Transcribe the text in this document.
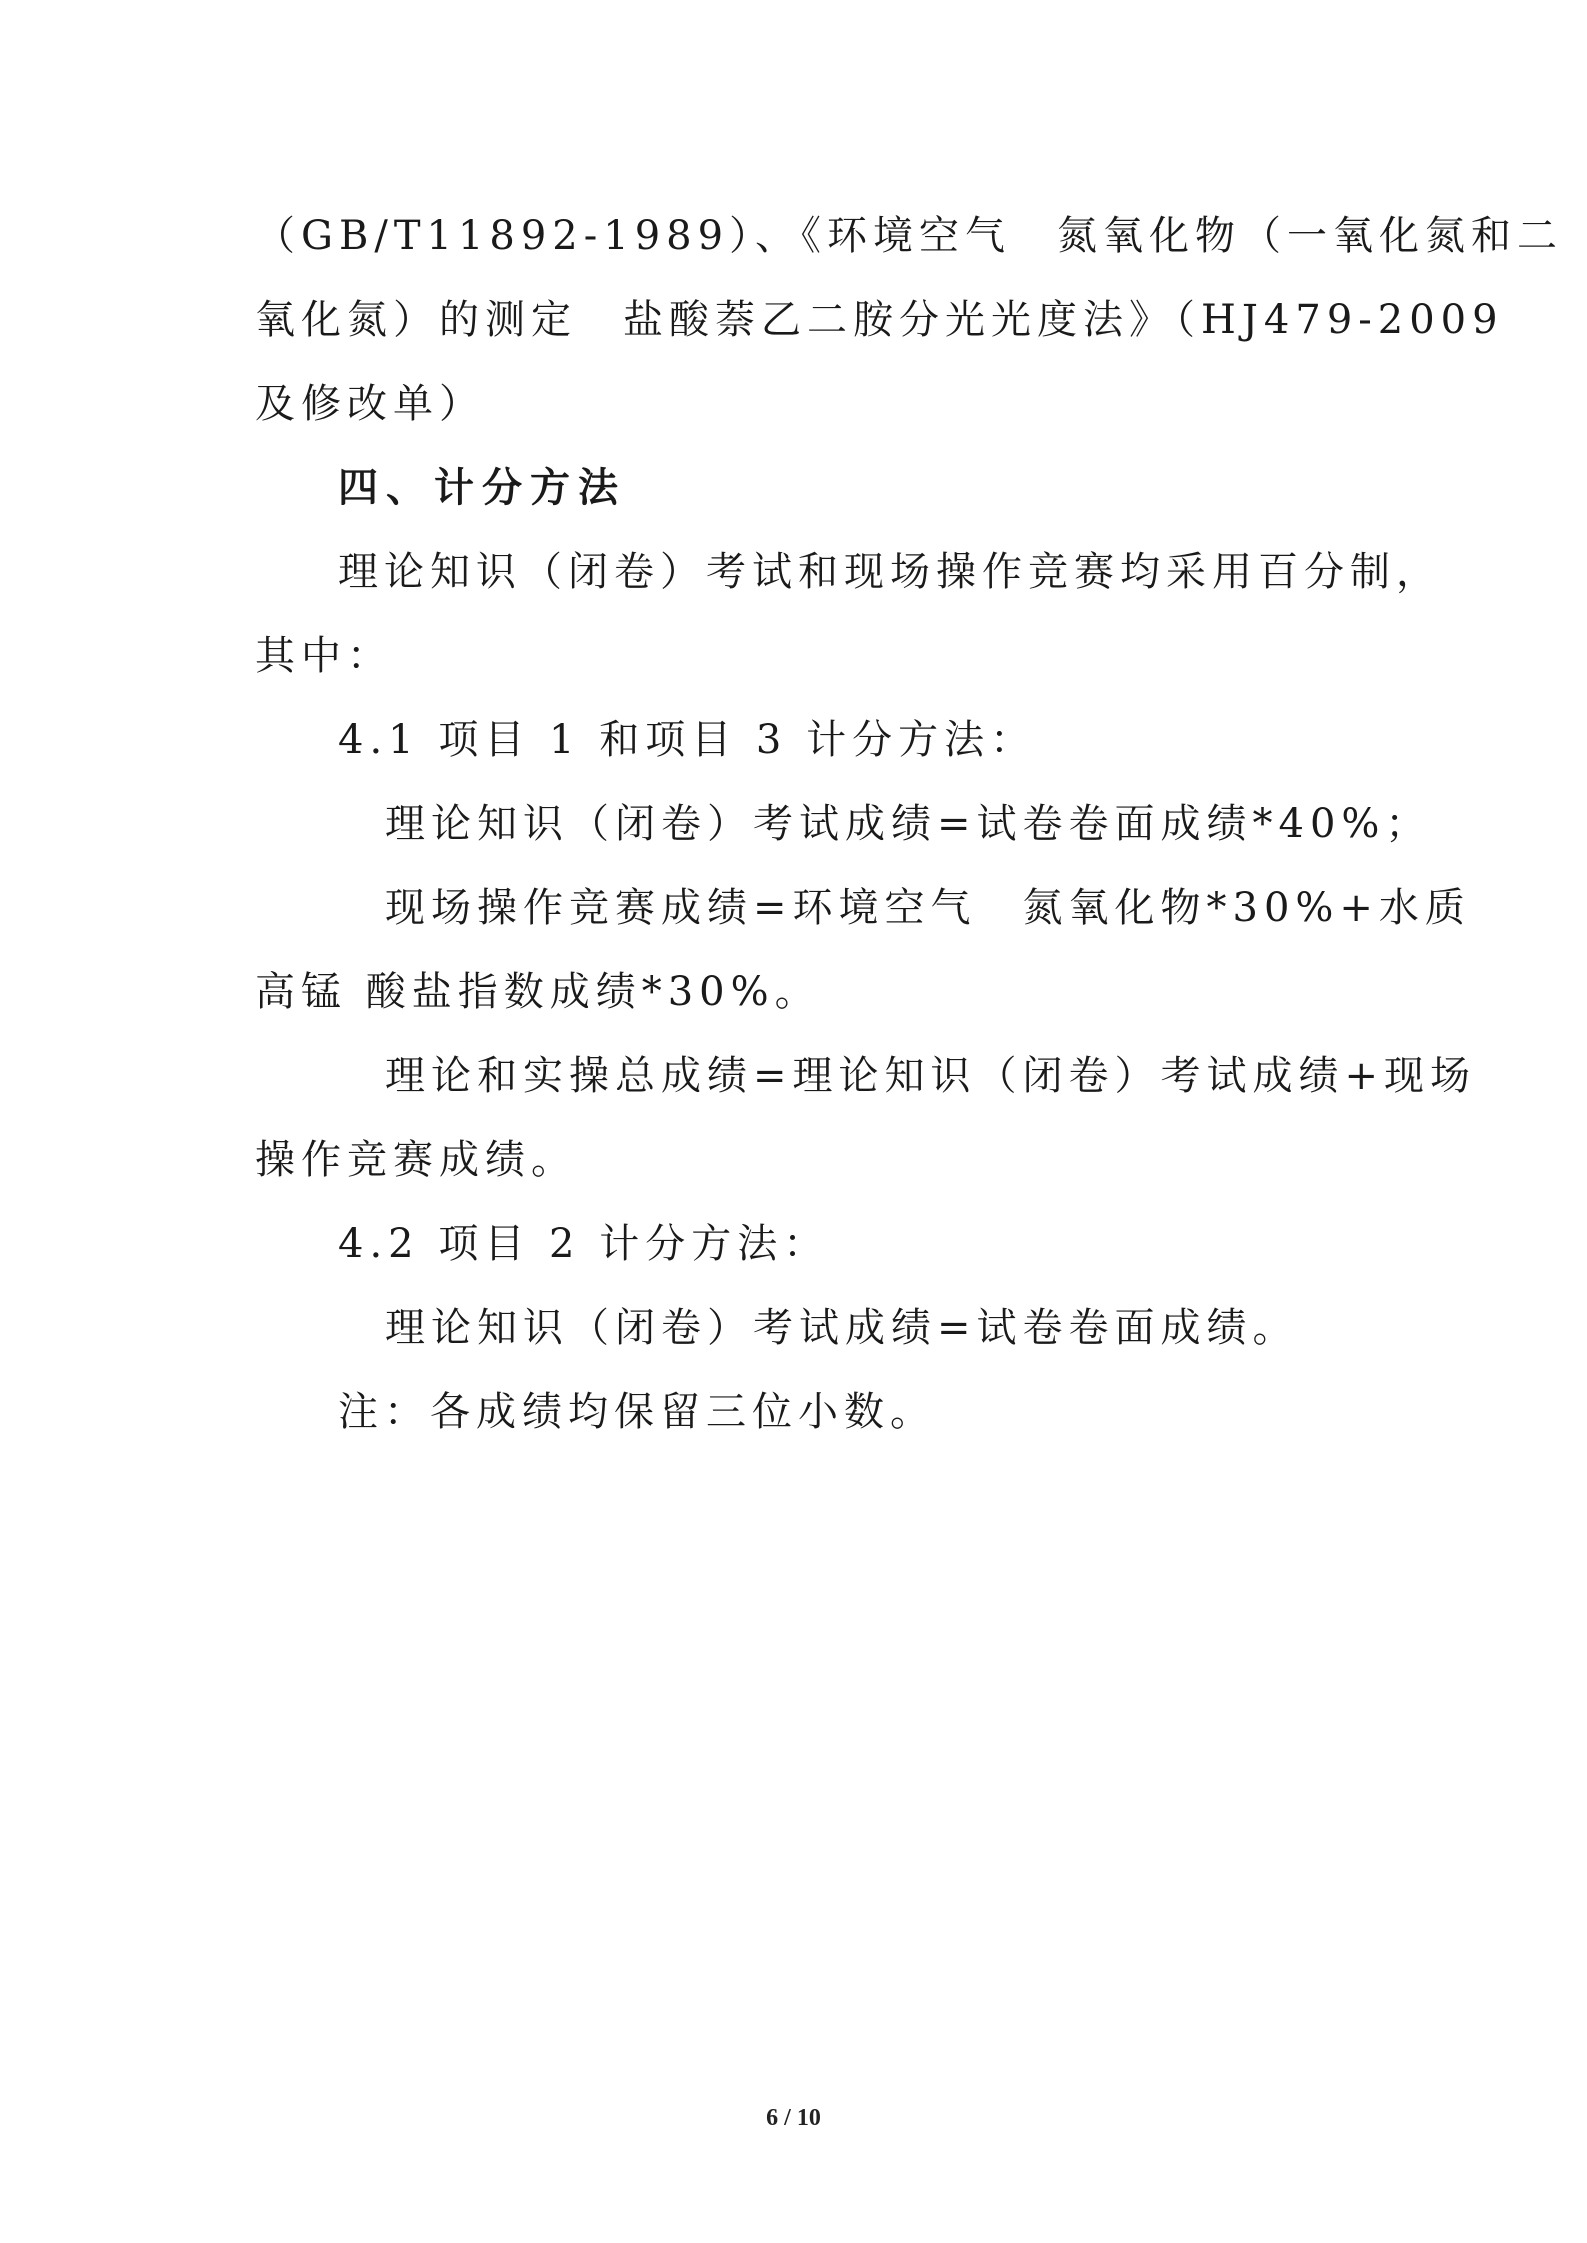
（GB/T11892-1989）、《环境空气　氮氧化物（一氧化氮和二
氧化氮）的测定　盐酸萘乙二胺分光光度法》（HJ479-2009
及修改单）
四、计分方法
理论知识（闭卷）考试和现场操作竞赛均采用百分制，
其中：
4.1 项目 1 和项目 3 计分方法：
理论知识（闭卷）考试成绩=试卷卷面成绩*40%；
现场操作竞赛成绩=环境空气　氮氧化物*30%+水质
高锰 酸盐指数成绩*30%。
理论和实操总成绩=理论知识（闭卷）考试成绩+现场
操作竞赛成绩。
4.2 项目 2 计分方法：
理论知识（闭卷）考试成绩=试卷卷面成绩。
注：各成绩均保留三位小数。
6 / 10
